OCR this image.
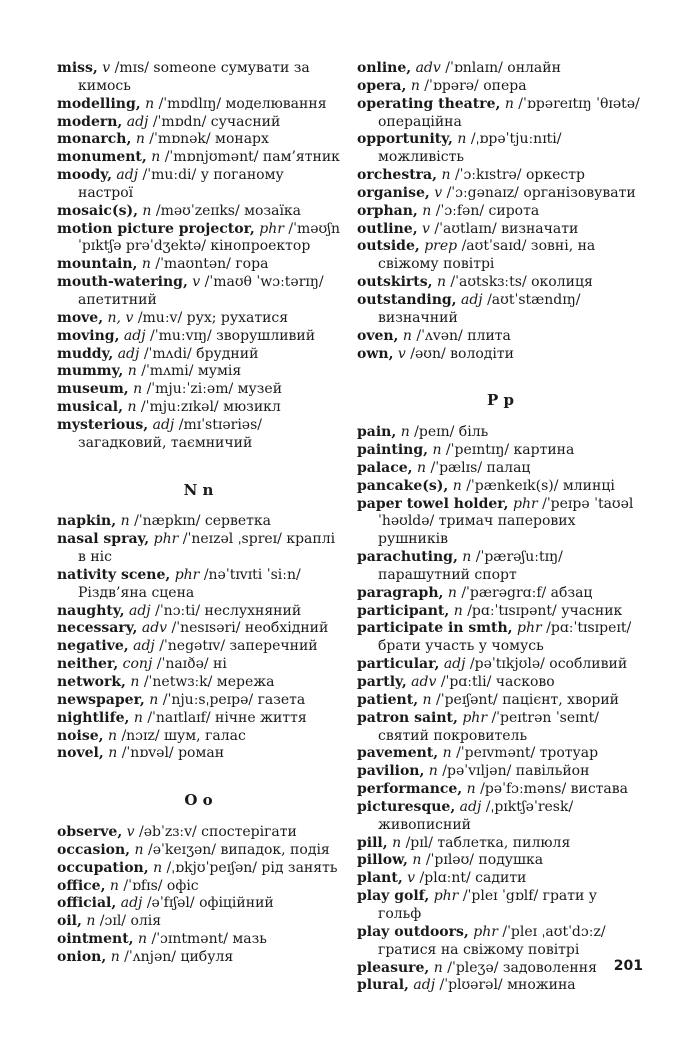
miss, v /mɪs/ someone сумувати за кимось
modelling, n /ˈmɒdlɪŋ/ моделювання
modern, adj /ˈmɒdn/ сучасний
monarch, n /ˈmɒnək/ монарх
monument, n /ˈmɒnjʊmənt/ пам’ятник
moody, adj /ˈmuːdi/ у поганому настрої
mosaic(s), n /məʊˈzeɪɪks/ мозаїка
motion picture projector, phr /ˈməʊʃn ˈpɪktʃə prəˈdʒektə/ кінопроектор
mountain, n /ˈmaʊntən/ гора
mouth-watering, v /ˈmaʊθ ˈwɔːtərɪŋ/ апетитний
move, n, v /muːv/ рух; рухатися
moving, adj /ˈmuːvɪŋ/ зворушливий
muddy, adj /ˈmʌdi/ брудний
mummy, n /ˈmʌmi/ мумія
museum, n /ˈmjuːˈziːəm/ музей
musical, n /ˈmjuːzɪkəl/ мюзикл
mysterious, adj /mɪˈstɪəriəs/ загадковий, таємничий
N n
napkin, n /ˈnæpkɪn/ серветка
nasal spray, phr /ˈneɪzəl ˌspreɪ/ краплі в ніс
nativity scene, phr /nəˈtɪvɪti ˈsiːn/ Різдв’яна сцена
naughty, adj /ˈnɔːti/ неслухняний
necessary, adv /ˈnesɪsəri/ необхідний
negative, adj /ˈnegətɪv/ заперечний
neither, conj /ˈnaɪðə/ ні
network, n /ˈnetwɜːk/ мережа
newspaper, n /ˈnjuːsˌpeɪpə/ газета
nightlife, n /ˈnaɪtlaɪf/ нічне життя
noise, n /nɔɪz/ шум, галас
novel, n /ˈnɒvəl/ роман
O o
observe, v /əbˈzɜːv/ спостерігати
occasion, n /əˈkeɪʒən/ випадок, подія
occupation, n /ˌɒkjʊˈpeɪʃən/ рід занять
office, n /ˈɒfɪs/ офіс
official, adj /əˈfɪʃəl/ офіційний
oil, n /ɔɪl/ олія
ointment, n /ˈɔɪntmənt/ мазь
onion, n /ˈʌnjən/ цибуля
online, adv /ˈɒnlaɪn/ онлайн
opera, n /ˈɒpərə/ опера
operating theatre, n /ˈɒpəreɪtɪŋ ˈθɪətə/ операційна
opportunity, n /ˌɒpəˈtjuːnɪti/ можливість
orchestra, n /ˈɔːkɪstrə/ оркестр
organise, v /ˈɔːgənaɪz/ організовувати
orphan, n /ˈɔːfən/ сирота
outline, v /ˈaʊtlaɪn/ визначати
outside, prep /aʊtˈsaɪd/ зовні, на свіжому повітрі
outskirts, n /ˈaʊtskɜːts/ околиця
outstanding, adj /aʊtˈstændɪŋ/ визначний
oven, n /ˈʌvən/ плита
own, v /əʊn/ володіти
P p
pain, n /peɪn/ біль
painting, n /ˈpeɪntɪŋ/ картина
palace, n /ˈpælɪs/ палац
pancake(s), n /ˈpænkeɪk(s)/ млинці
paper towel holder, phr /ˈpeɪpə ˈtaʊəl ˈhəʊldə/ тримач паперових рушників
parachuting, n /ˈpærəʃuːtɪŋ/ парашутний спорт
paragraph, n /ˈpærəgrɑːf/ абзац
participant, n /pɑːˈtɪsɪpənt/ учасник
participate in smth, phr /pɑːˈtɪsɪpeɪt/ брати участь у чомусь
particular, adj /pəˈtɪkjʊlə/ особливий
partly, adv /ˈpɑːtli/ часково
patient, n /ˈpeɪʃənt/ пацієнт, хворий
patron saint, phr /ˈpeɪtrən ˈseɪnt/ святий покровитель
pavement, n /ˈpeɪvmənt/ тротуар
pavilion, n /pəˈvɪljən/ павільйон
performance, n /pəˈfɔːməns/ вистава
picturesque, adj /ˌpɪktʃəˈresk/ живописний
pill, n /pɪl/ таблетка, пилюля
pillow, n /ˈpɪləʊ/ подушка
plant, v /plɑːnt/ садити
play golf, phr /ˈpleɪ ˈgɒlf/ грати у гольф
play outdoors, phr /ˈpleɪ ˌaʊtˈdɔːz/ гратися на свіжому повітрі
pleasure, n /ˈpleʒə/ задоволення
plural, adj /ˈplʊərəl/ множина
201
